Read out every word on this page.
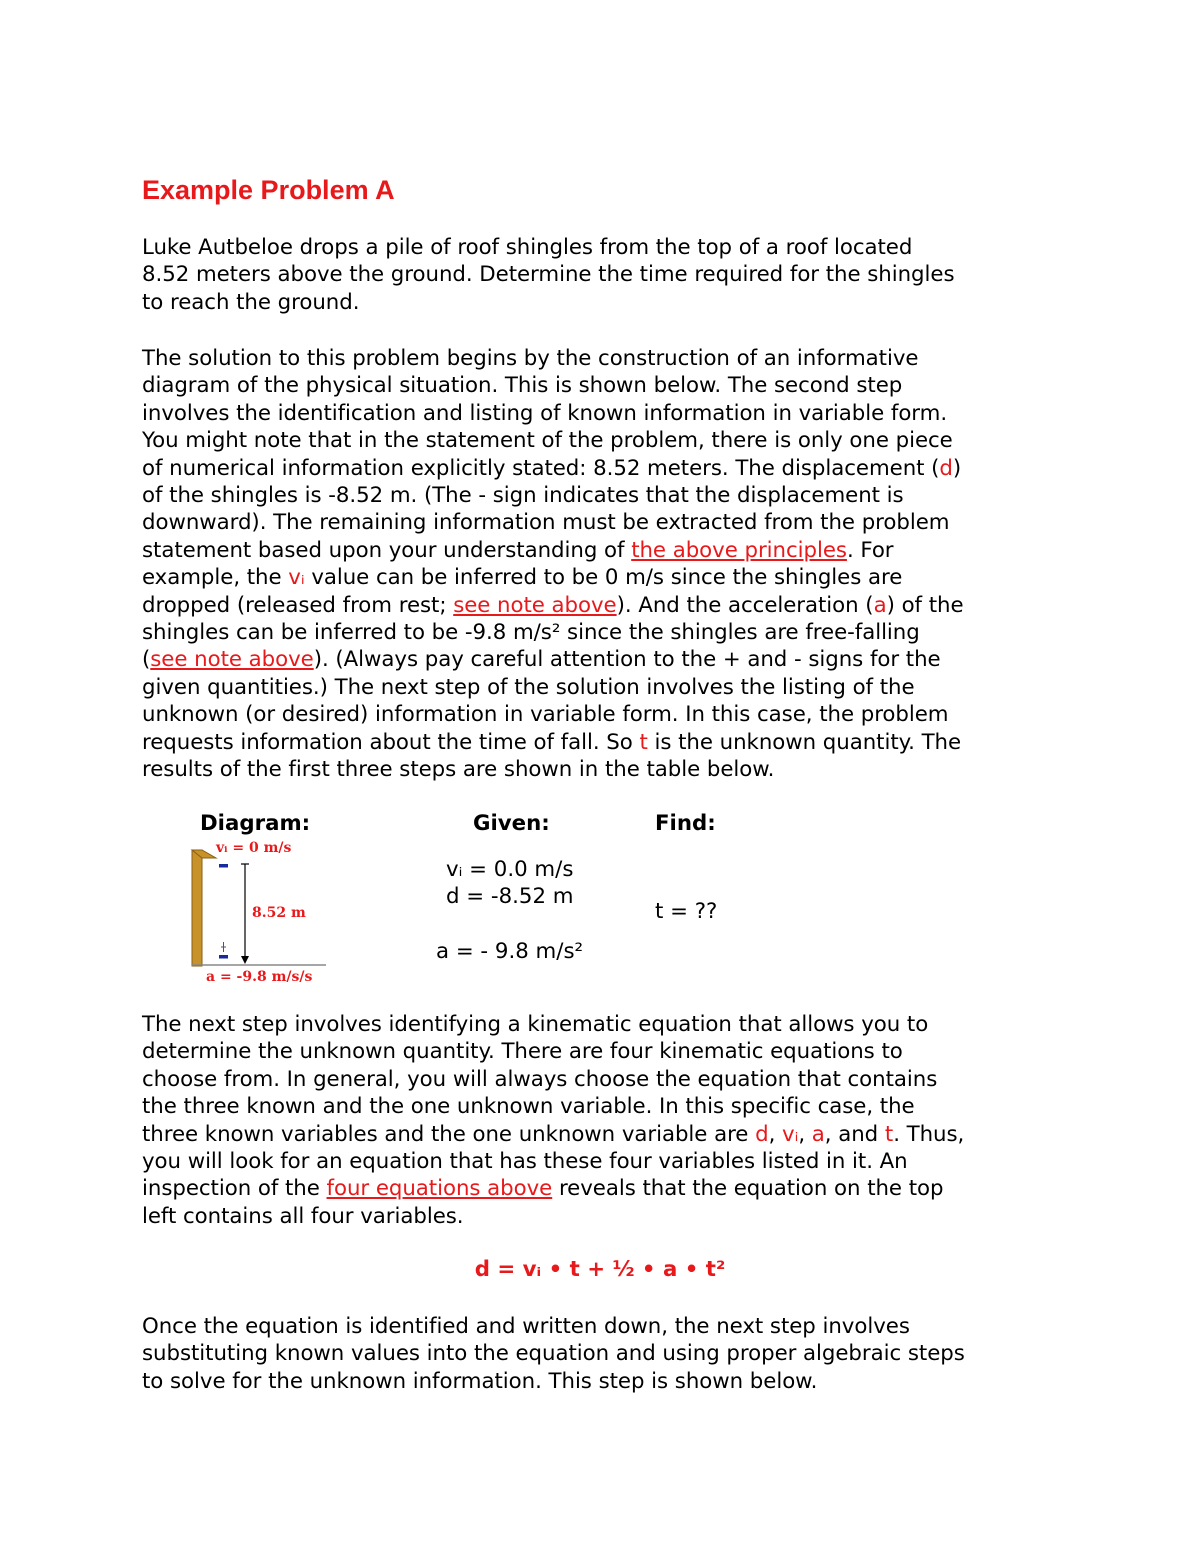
Example Problem A

Luke Autbeloe drops a pile of roof shingles from the top of a roof located
8.52 meters above the ground. Determine the time required for the shingles
to reach the ground.

The solution to this problem begins by the construction of an informative
diagram of the physical situation. This is shown below. The second step
involves the identification and listing of known information in variable form.
You might note that in the statement of the problem, there is only one piece
of numerical information explicitly stated: 8.52 meters. The displacement (d)
of the shingles is -8.52 m. (The - sign indicates that the displacement is
downward). The remaining information must be extracted from the problem
statement based upon your understanding of the above principles. For
example, the vᵢ value can be inferred to be 0 m/s since the shingles are
dropped (released from rest; see note above). And the acceleration (a) of the
shingles can be inferred to be -9.8 m/s² since the shingles are free-falling
(see note above). (Always pay careful attention to the + and - signs for the
given quantities.) The next step of the solution involves the listing of the
unknown (or desired) information in variable form. In this case, the problem
requests information about the time of fall. So t is the unknown quantity. The
results of the first three steps are shown in the table below.

Diagram:	Given:	Find:
vᵢ = 0 m/s
8.52 m
a = -9.8 m/s/s
vᵢ = 0.0 m/s
d = -8.52 m
a = - 9.8 m/s²
t = ??

The next step involves identifying a kinematic equation that allows you to
determine the unknown quantity. There are four kinematic equations to
choose from. In general, you will always choose the equation that contains
the three known and the one unknown variable. In this specific case, the
three known variables and the one unknown variable are d, vᵢ, a, and t. Thus,
you will look for an equation that has these four variables listed in it. An
inspection of the four equations above reveals that the equation on the top
left contains all four variables.

d = vᵢ • t + ½ • a • t²

Once the equation is identified and written down, the next step involves
substituting known values into the equation and using proper algebraic steps
to solve for the unknown information. This step is shown below.
